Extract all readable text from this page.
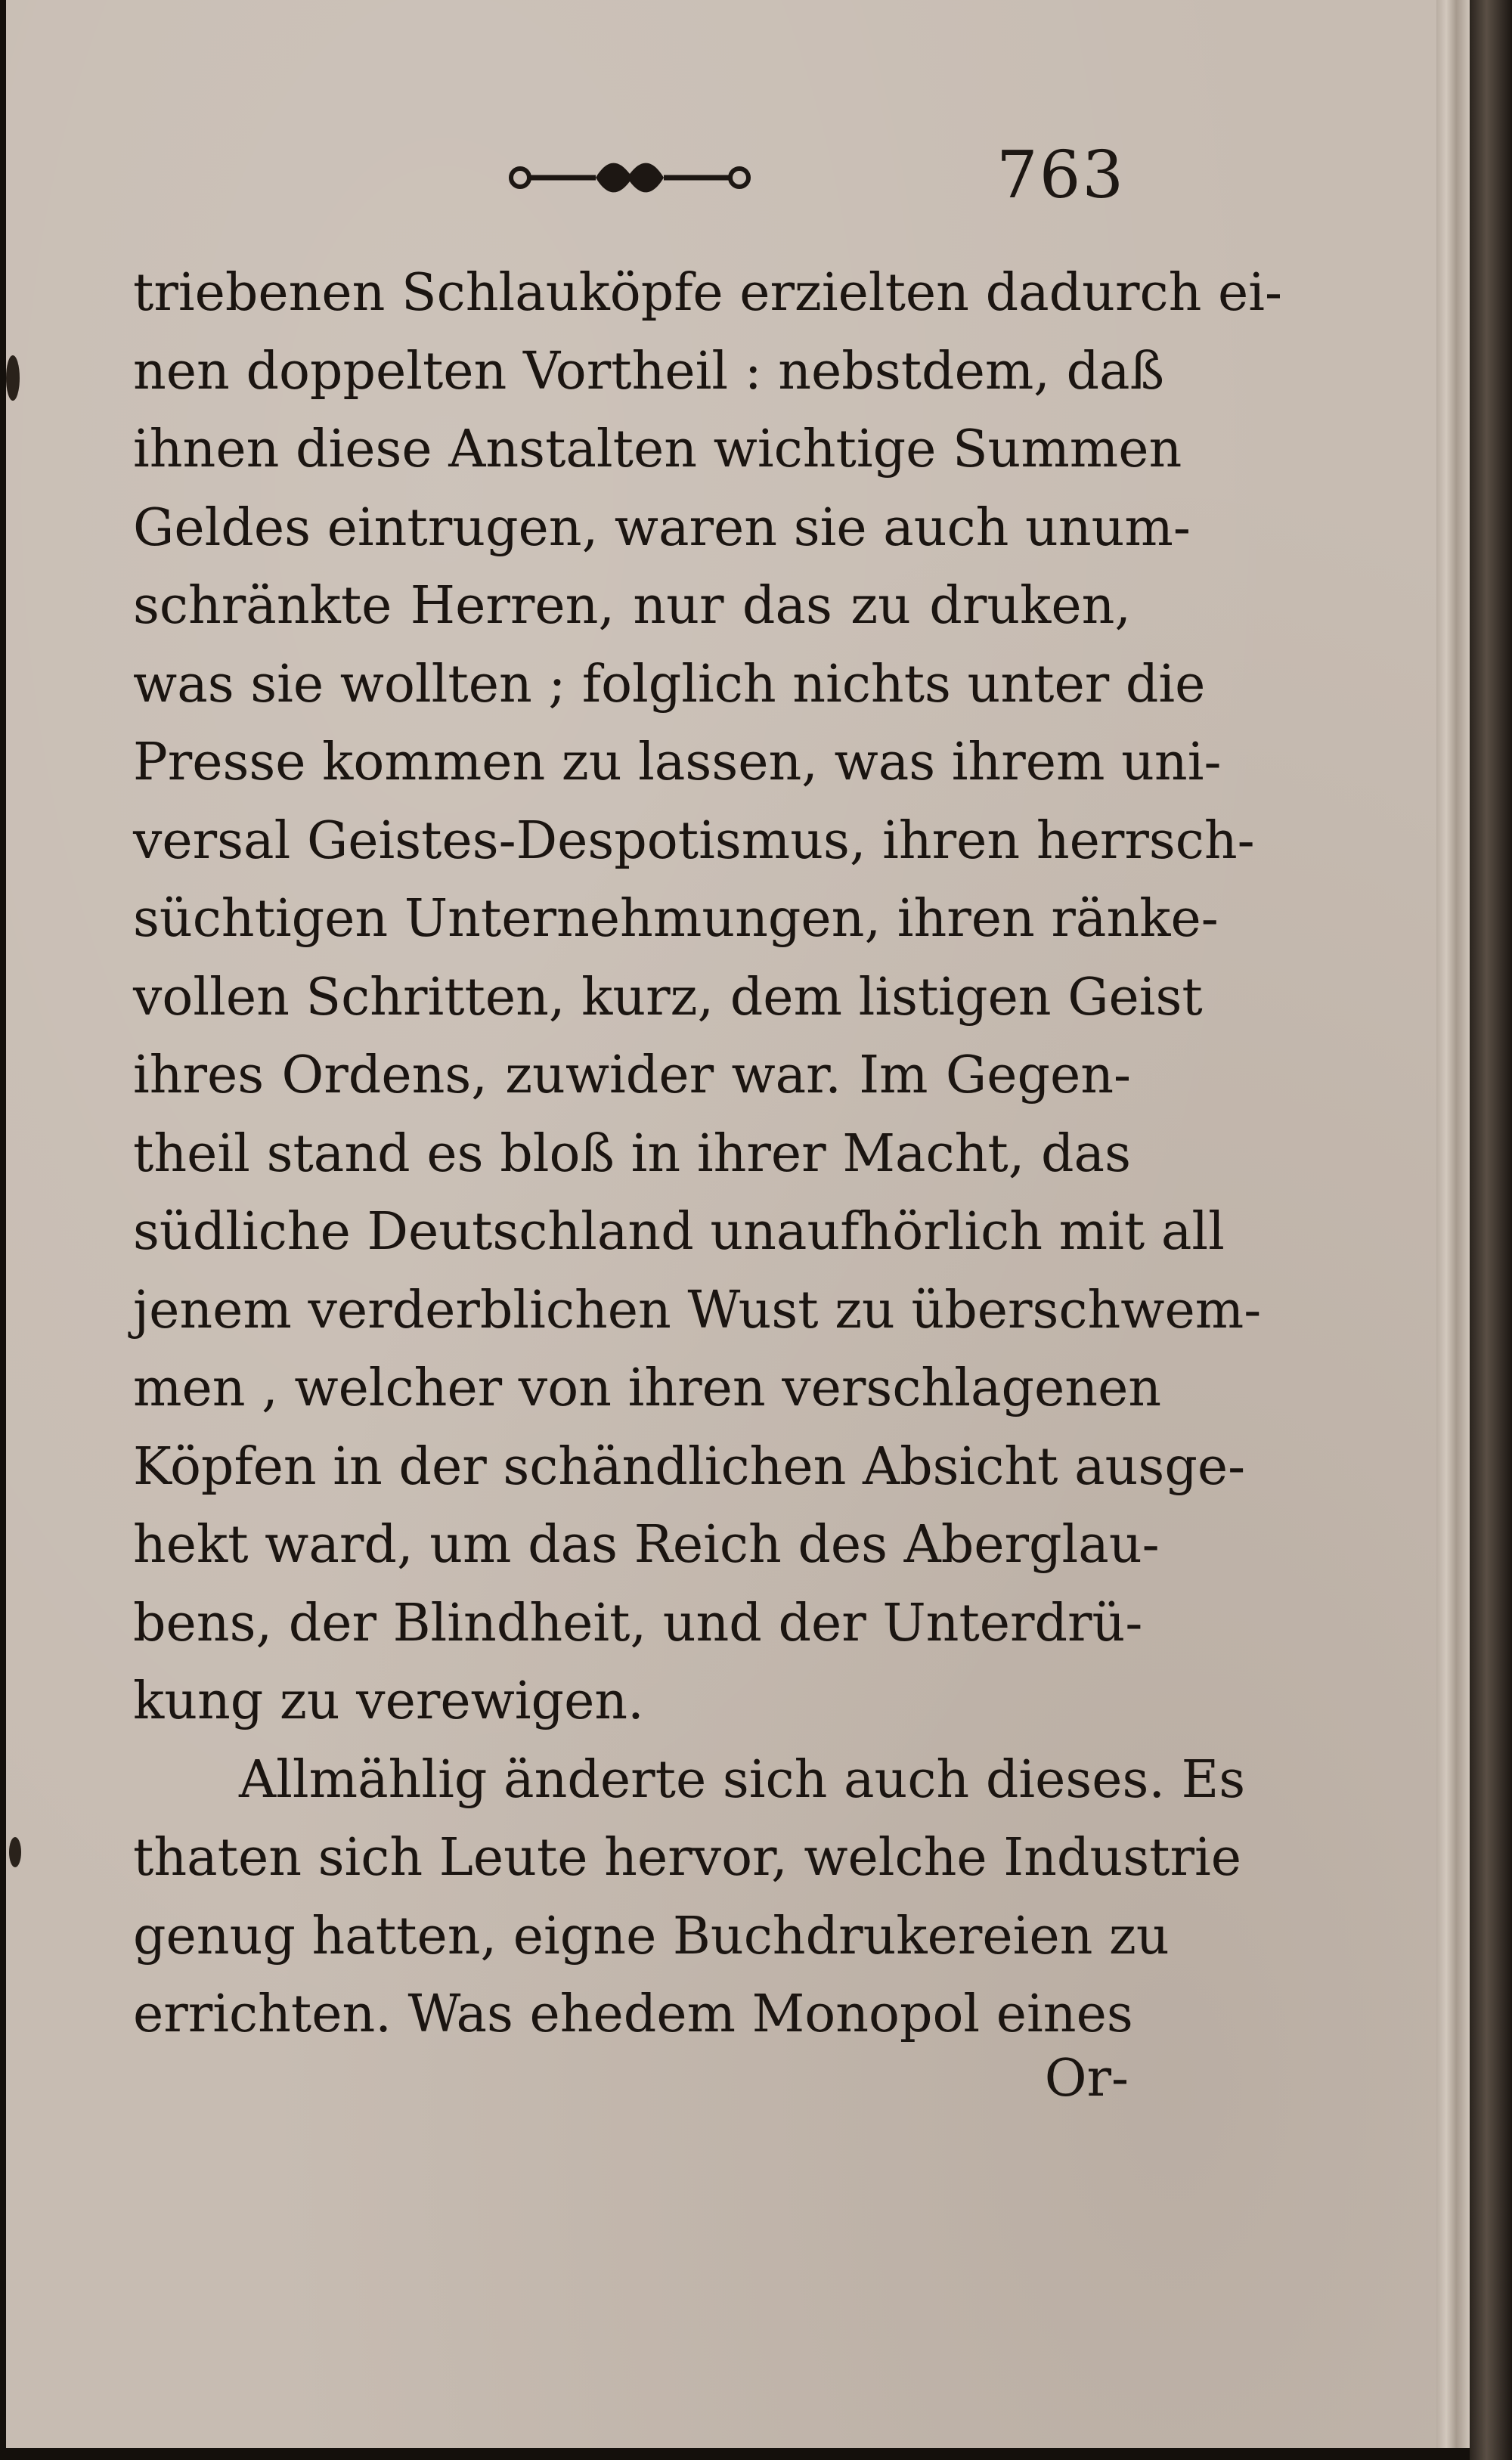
763
triebenen Schlauköpfe erzielten dadurch ei-
nen doppelten Vortheil : nebstdem, daß
ihnen diese Anstalten wichtige Summen
Geldes eintrugen, waren sie auch unum-
schränkte Herren, nur das zu druken,
was sie wollten ; folglich nichts unter die
Presse kommen zu lassen, was ihrem uni-
versal Geistes-Despotismus, ihren herrsch-
süchtigen Unternehmungen, ihren ränke-
vollen Schritten, kurz, dem listigen Geist
ihres Ordens, zuwider war. Im Gegen-
theil stand es bloß in ihrer Macht, das
südliche Deutschland unaufhörlich mit all
jenem verderblichen Wust zu überschwem-
men , welcher von ihren verschlagenen
Köpfen in der schändlichen Absicht ausge-
hekt ward, um das Reich des Aberglau-
bens, der Blindheit, und der Unterdrü-
kung zu verewigen.
Allmählig änderte sich auch dieses. Es
thaten sich Leute hervor, welche Industrie
genug hatten, eigne Buchdrukereien zu
errichten. Was ehedem Monopol eines
Or-
